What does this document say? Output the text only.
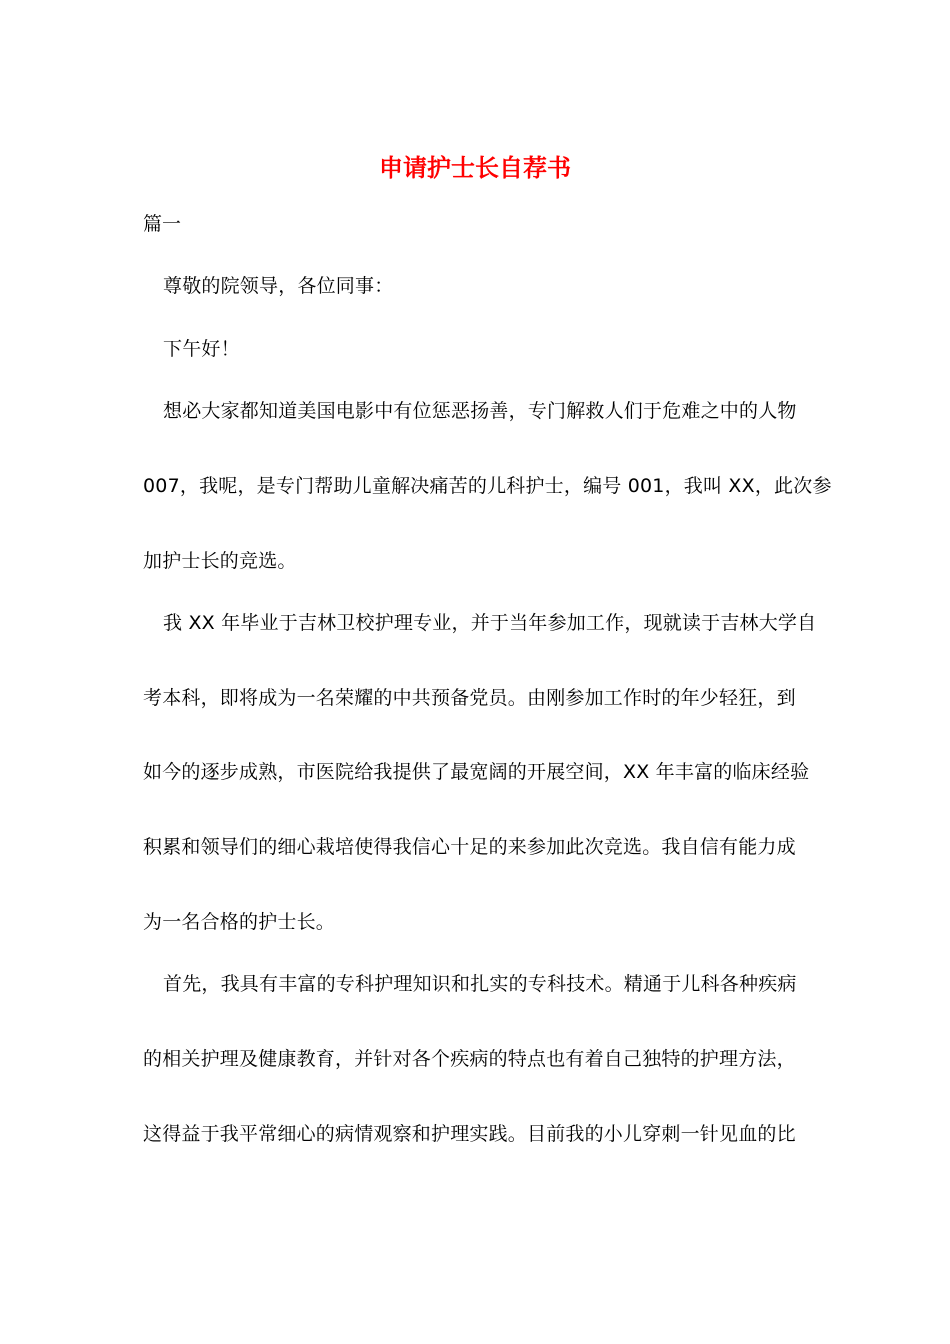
申请护士长自荐书
篇一
尊敬的院领导，各位同事：
下午好！
想必大家都知道美国电影中有位惩恶扬善，专门解救人们于危难之中的人物
007，我呢，是专门帮助儿童解决痛苦的儿科护士，编号 001，我叫 XX，此次参
加护士长的竞选。
我 XX 年毕业于吉林卫校护理专业，并于当年参加工作，现就读于吉林大学自
考本科，即将成为一名荣耀的中共预备党员。由刚参加工作时的年少轻狂，到
如今的逐步成熟，市医院给我提供了最宽阔的开展空间，XX 年丰富的临床经验
积累和领导们的细心栽培使得我信心十足的来参加此次竞选。我自信有能力成
为一名合格的护士长。
首先，我具有丰富的专科护理知识和扎实的专科技术。精通于儿科各种疾病
的相关护理及健康教育，并针对各个疾病的特点也有着自己独特的护理方法，
这得益于我平常细心的病情观察和护理实践。目前我的小儿穿刺一针见血的比
